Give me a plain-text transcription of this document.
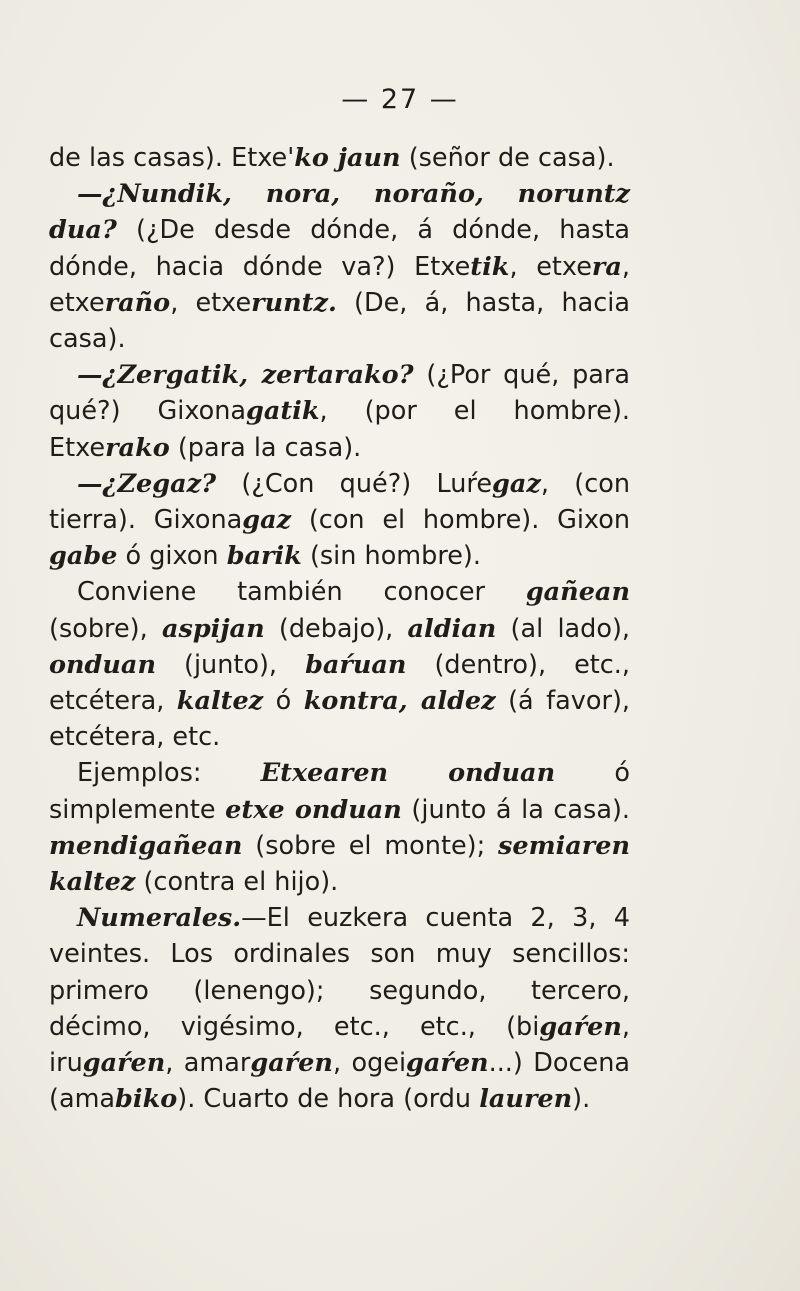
— 27 —

de las casas). Etxe'ko jaun (señor de casa).

—¿Nundik, nora, noraño, noruntz dua? (¿De desde dónde, á dónde, hasta dónde, hacia dónde va?) Etxetik, etxera, etxeraño, etxeruntz. (De, á, hasta, hacia casa).

—¿Zergatik, zertarako? (¿Por qué, para qué?) Gixonagatik, (por el hombre). Etxerako (para la casa).

—¿Zegaz? (¿Con qué?) Luŕegaz, (con tierra). Gixonagaz (con el hombre). Gixon gabe ó gixon barik (sin hombre).

Conviene también conocer gañean (sobre), aspijan (debajo), aldian (al lado), onduan (junto), baŕuan (dentro), etc., etcétera, kaltez ó kontra, aldez (á favor), etcétera, etc.

Ejemplos: Etxearen onduan ó simplemente etxe onduan (junto á la casa). mendigañean (sobre el monte); semiaren kaltez (contra el hijo).

Numerales.—El euzkera cuenta 2, 3, 4 veintes. Los ordinales son muy sencillos: primero (lenengo); segundo, tercero, décimo, vigésimo, etc., etc., (bigaŕen, irugaŕen, amargaŕen, ogeigaŕen...) Docena (amabiko). Cuarto de hora (ordu lauren).
